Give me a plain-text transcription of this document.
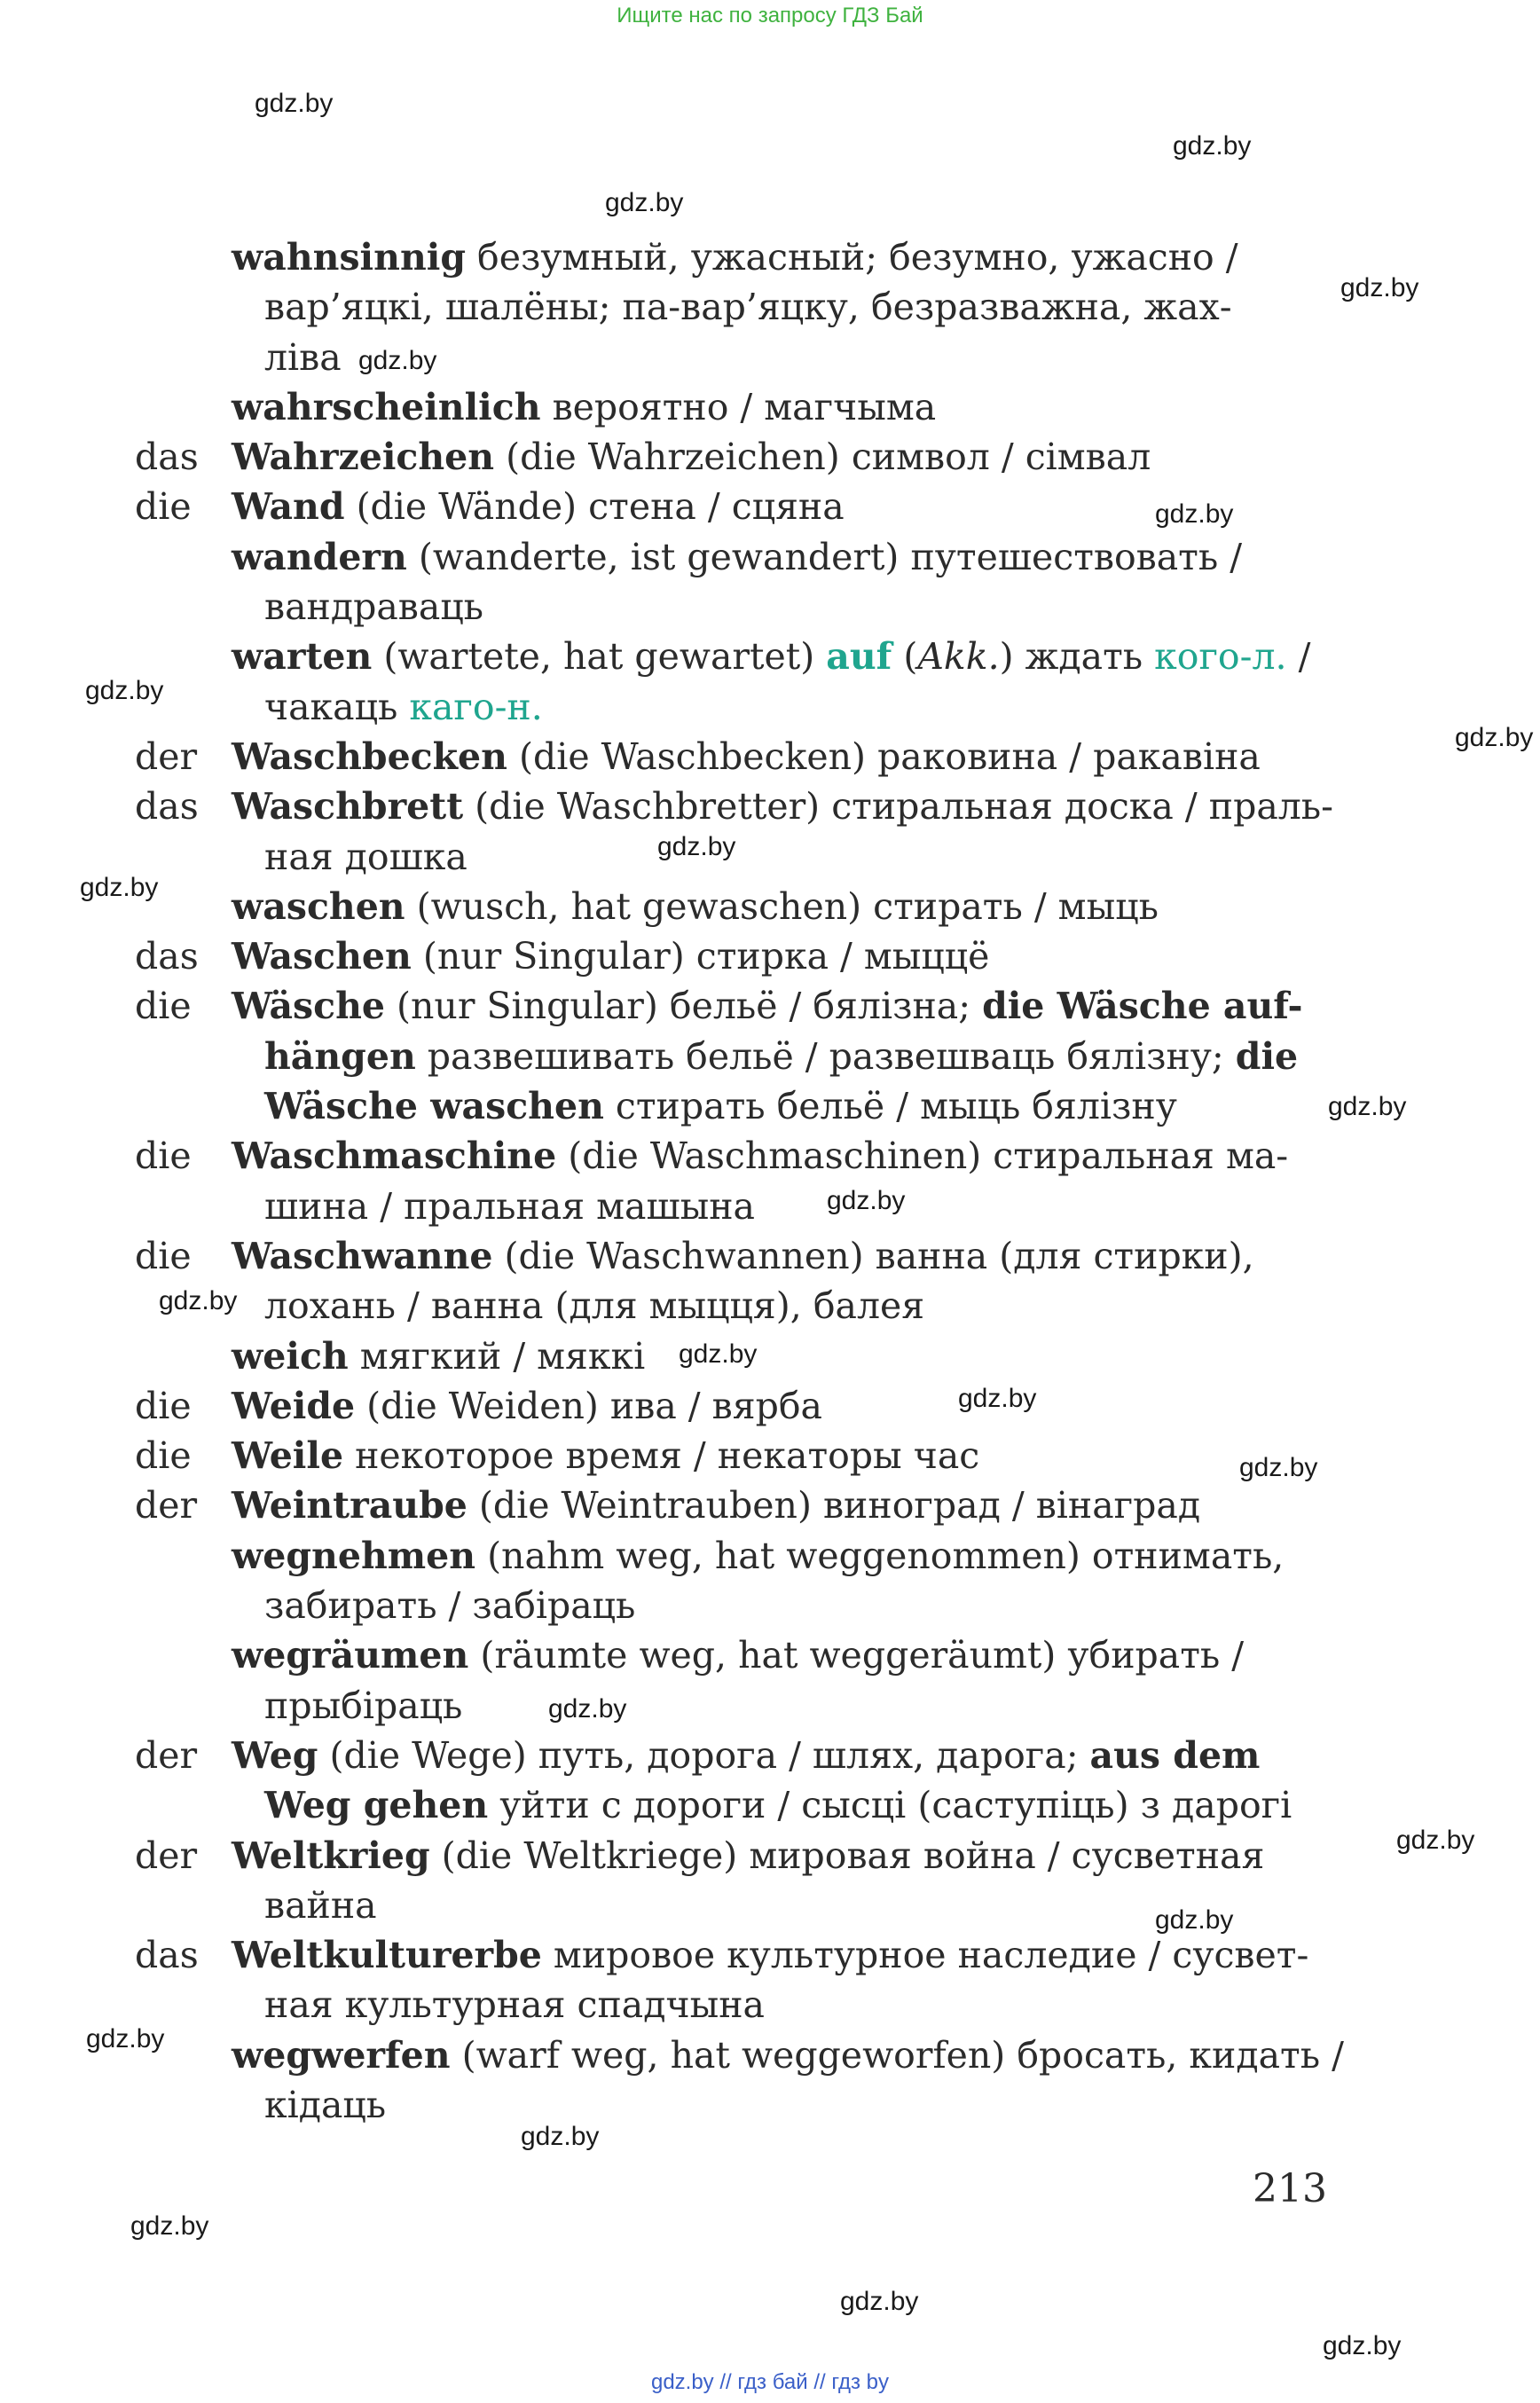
Ищите нас по запросу ГДЗ Бай
gdz.by
gdz.by
gdz.by
gdz.by
gdz.by
gdz.by
gdz.by
gdz.by
gdz.by
gdz.by
gdz.by
gdz.by
gdz.by
gdz.by
gdz.by
gdz.by
gdz.by
gdz.by
gdz.by
gdz.by
gdz.by
gdz.by
gdz.by
gdz.by
wahnsinnig безумный, ужасный; безумно, ужасно /
вар’яцкі, шалёны; па-вар’яцку, безразважна, жах-
ліва
wahrscheinlich вероятно / магчыма
das Wahrzeichen (die Wahrzeichen) символ / сімвал
die	Wand (die Wände) стена / сцяна
wandern (wanderte, ist gewandert) путешествовать /
вандраваць
warten (wartete, hat gewartet) auf (Akk.) ждать кого-л. /
чакаць каго-н.
der Waschbecken (die Waschbecken) раковина / ракавіна
das Waschbrett (die Waschbretter) стиральная доска / праль-
ная дошка
waschen (wusch, hat gewaschen) стирать / мыць
das Waschen (nur Singular) стирка / мыццё
die	Wäsche (nur Singular) бельё / бялізна; die Wäsche auf-
hängen развешивать бельё / развешваць бялізну; die
Wäsche waschen стирать бельё / мыць бялізну
die	Waschmaschine (die Waschmaschinen) стиральная ма-
шина / пральная машына
die	Waschwanne (die Waschwannen) ванна (для стирки),
лохань / ванна (для мыцця), балея
weich мягкий / мяккі
die	Weide (die Weiden) ива / вярба
die	Weile некоторое время / некаторы час
der Weintraube (die Weintrauben) виноград / вінаград
wegnehmen (nahm weg, hat weggenommen) отнимать,
забирать / забіраць
wegräumen (räumte weg, hat weggeräumt) убирать /
прыбіраць
der Weg (die Wege) путь, дорога / шлях, дарога; aus dem
Weg gehen уйти с дороги / сысці (саступіць) з дарогі
der Weltkrieg (die Weltkriege) мировая война / сусветная
вайна
das Weltkulturerbe мировое культурное наследие / сусвет-
ная культурная спадчына
wegwerfen (warf weg, hat weggeworfen) бросать, кидать /
кідаць
213
gdz.by // гдз бай // гдз by
